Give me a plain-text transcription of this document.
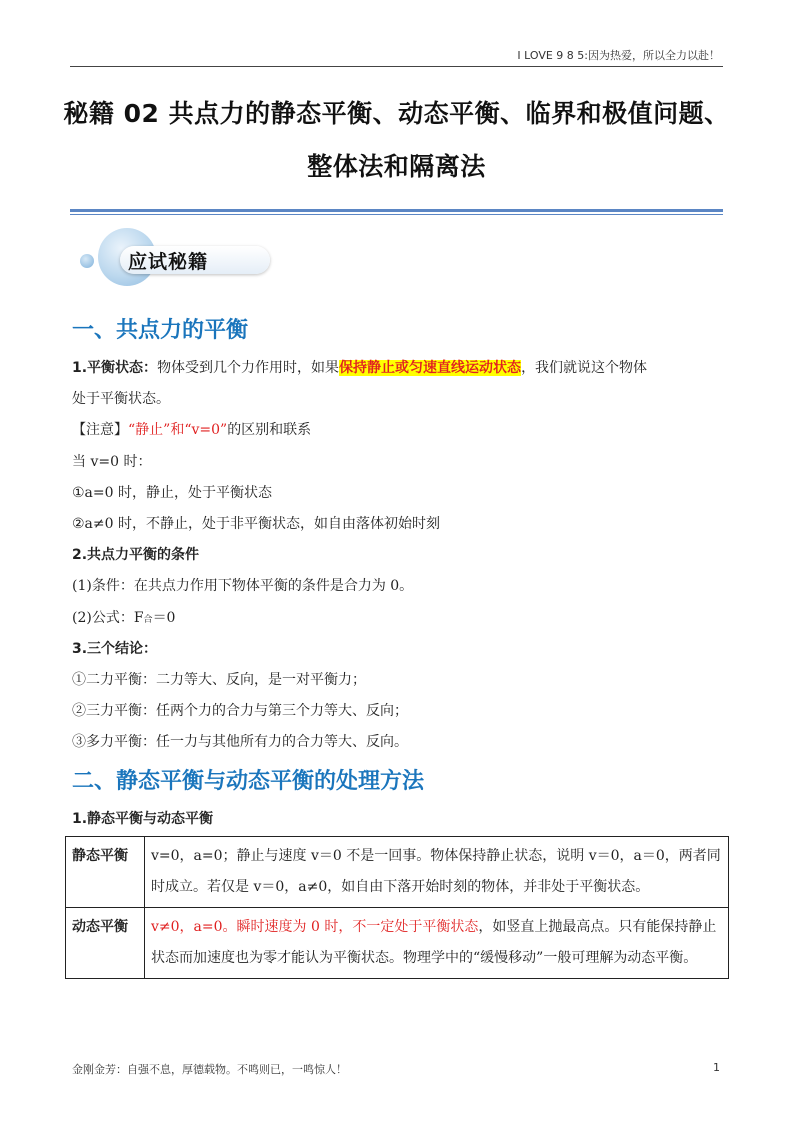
I LOVE 9 8 5:因为热爱，所以全力以赴！
秘籍 02 共点力的静态平衡、动态平衡、临界和极值问题、
整体法和隔离法
应试秘籍
一、共点力的平衡
1.平衡状态：物体受到几个力作用时，如果保持静止或匀速直线运动状态，我们就说这个物体
处于平衡状态。
【注意】“静止”和“v=0”的区别和联系
当 v=0 时：
①a=0 时，静止，处于平衡状态
②a≠0 时，不静止，处于非平衡状态，如自由落体初始时刻
2.共点力平衡的条件
(1)条件：在共点力作用下物体平衡的条件是合力为 0。
(2)公式：F合＝0
3.三个结论：
①二力平衡：二力等大、反向，是一对平衡力；
②三力平衡：任两个力的合力与第三个力等大、反向；
③多力平衡：任一力与其他所有力的合力等大、反向。
二、静态平衡与动态平衡的处理方法
1.静态平衡与动态平衡
静态平衡	v=0，a=0；静止与速度 v＝0 不是一回事。物体保持静止状态，说明 v＝0，a＝0，两者同时成立。若仅是 v＝0，a≠0，如自由下落开始时刻的物体，并非处于平衡状态。
动态平衡	v≠0，a=0。瞬时速度为 0 时，不一定处于平衡状态，如竖直上抛最高点。只有能保持静止状态而加速度也为零才能认为平衡状态。物理学中的“缓慢移动”一般可理解为动态平衡。
金刚金芳：自强不息，厚德载物。不鸣则已，一鸣惊人！	1
